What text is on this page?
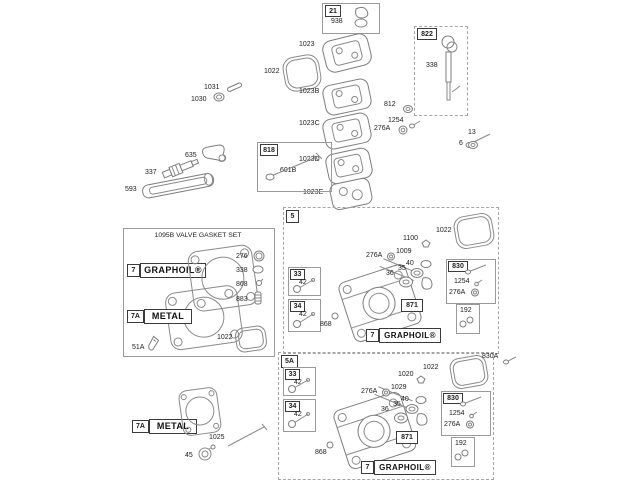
21
938
1023
1022
1023B
1023C
1023D
1023E
822
338
1031
1030
635
337
593
818
601B
812
1254
276A
13
6
1095B VALVE GASKET SET
7 GRAPHOIL®
7A	METAL
276
338
868
883
1022
51A
5
33
42
34
42
868
276A
1100
1009
40
35
36
1022
830
1254
276A
192
871
7	GRAPHOIL®
5A
33
42
34
42
868
276A
1020
1029
40
35
36
1022
830A
830
1254
276A
192
871
7	GRAPHOIL®
7A	METAL
1025
45
